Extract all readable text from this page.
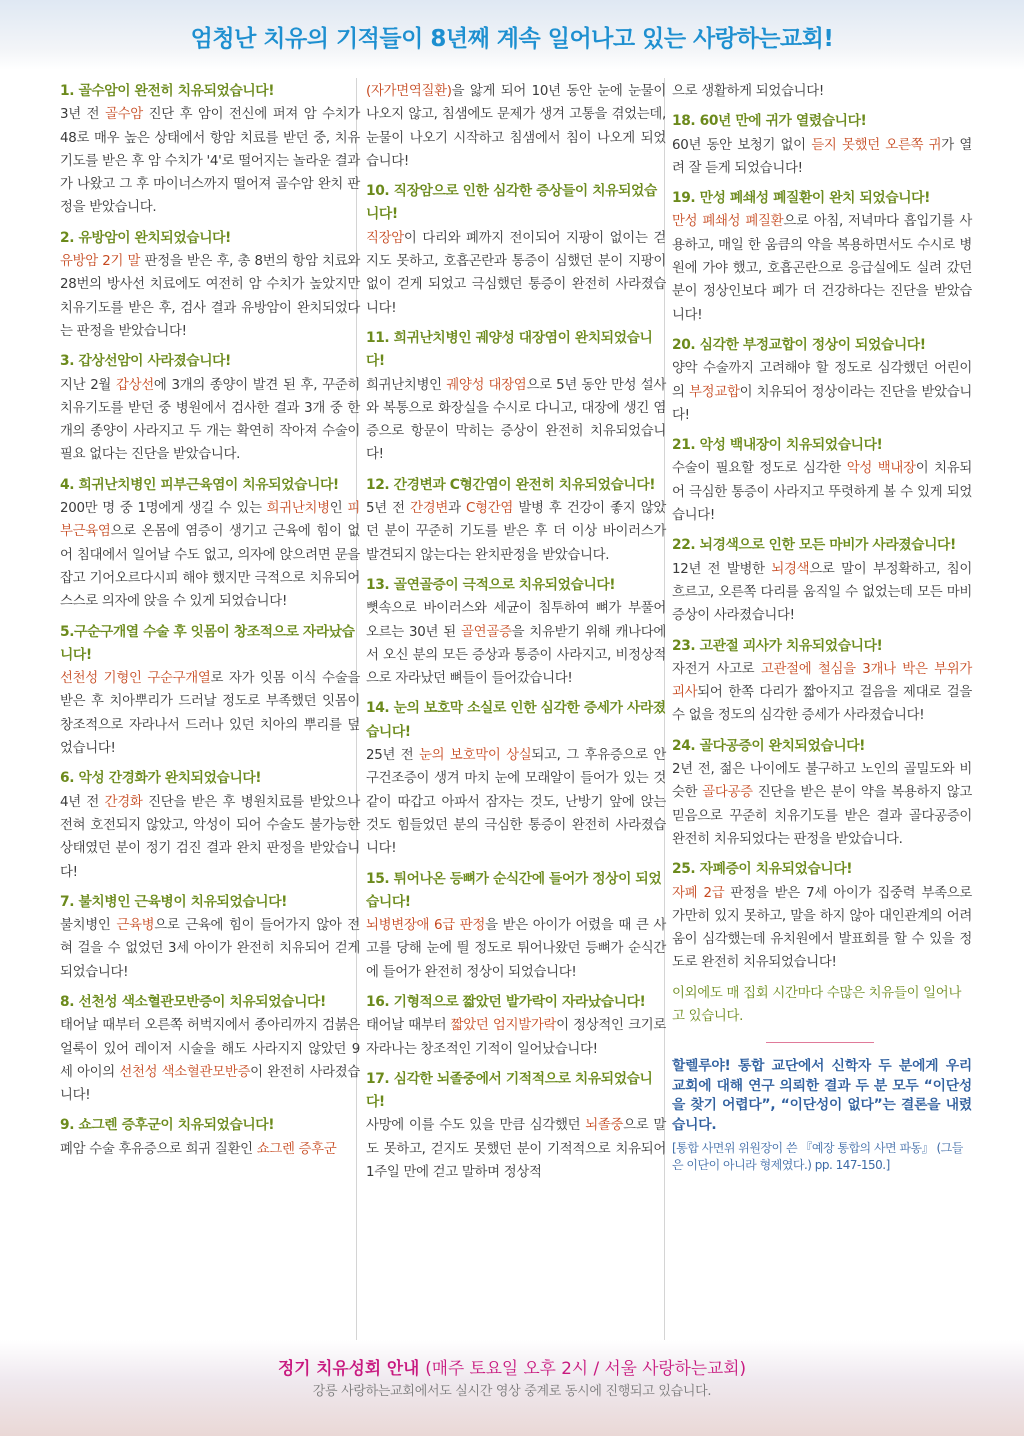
엄청난 치유의 기적들이 8년째 계속 일어나고 있는 사랑하는교회!
1. 골수암이 완전히 치유되었습니다!

3년 전 골수암 진단 후 암이 전신에 퍼져 암 수치가 48로 매우 높은 상태에서 항암 치료를 받던 중, 치유기도를 받은 후 암 수치가 '4'로 떨어지는 놀라운 결과가 나왔고 그 후 마이너스까지 떨어져 골수암 완치 판정을 받았습니다.

2. 유방암이 완치되었습니다!

유방암 2기 말 판정을 받은 후, 총 8번의 항암 치료와 28번의 방사선 치료에도 여전히 암 수치가 높았지만 치유기도를 받은 후, 검사 결과 유방암이 완치되었다는 판정을 받았습니다!

3. 갑상선암이 사라졌습니다!

지난 2월 갑상선에 3개의 종양이 발견 된 후, 꾸준히 치유기도를 받던 중 병원에서 검사한 결과 3개 중 한 개의 종양이 사라지고 두 개는 확연히 작아져 수술이 필요 없다는 진단을 받았습니다.

4. 희귀난치병인 피부근육염이 치유되었습니다!

200만 명 중 1명에게 생길 수 있는 희귀난치병인 피부근육염으로 온몸에 염증이 생기고 근육에 힘이 없어 침대에서 일어날 수도 없고, 의자에 앉으려면 문을 잡고 기어오르다시피 해야 했지만 극적으로 치유되어 스스로 의자에 앉을 수 있게 되었습니다!

5.구순구개열 수술 후 잇몸이 창조적으로 자라났습니다!

선천성 기형인 구순구개열로 자가 잇몸 이식 수술을 받은 후 치아뿌리가 드러날 정도로 부족했던 잇몸이 창조적으로 자라나서 드러나 있던 치아의 뿌리를 덮었습니다!

6. 악성 간경화가 완치되었습니다!

4년 전 간경화 진단을 받은 후 병원치료를 받았으나 전혀 호전되지 않았고, 악성이 되어 수술도 불가능한 상태였던 분이 정기 검진 결과 완치 판정을 받았습니다!

7. 불치병인 근육병이 치유되었습니다!

불치병인 근육병으로 근육에 힘이 들어가지 않아 전혀 걸을 수 없었던 3세 아이가 완전히 치유되어 걷게 되었습니다!

8. 선천성 색소혈관모반증이 치유되었습니다!

태어날 때부터 오른쪽 허벅지에서 종아리까지 검붉은 얼룩이 있어 레이저 시술을 해도 사라지지 않았던 9세 아이의 선천성 색소혈관모반증이 완전히 사라졌습니다!

9. 쇼그렌 증후군이 치유되었습니다!

폐암 수술 후유증으로 희귀 질환인 쇼그렌 증후군

(자가면역질환)을 앓게 되어 10년 동안 눈에 눈물이 나오지 않고, 침샘에도 문제가 생겨 고통을 겪었는데, 눈물이 나오기 시작하고 침샘에서 침이 나오게 되었습니다!

10. 직장암으로 인한 심각한 증상들이 치유되었습니다!

직장암이 다리와 폐까지 전이되어 지팡이 없이는 걷지도 못하고, 호흡곤란과 통증이 심했던 분이 지팡이 없이 걷게 되었고 극심했던 통증이 완전히 사라졌습니다!

11. 희귀난치병인 궤양성 대장염이 완치되었습니다!

희귀난치병인 궤양성 대장염으로 5년 동안 만성 설사와 복통으로 화장실을 수시로 다니고, 대장에 생긴 염증으로 항문이 막히는 증상이 완전히 치유되었습니다!

12. 간경변과 C형간염이 완전히 치유되었습니다!

5년 전 간경변과 C형간염 발병 후 건강이 좋지 않았던 분이 꾸준히 기도를 받은 후 더 이상 바이러스가 발견되지 않는다는 완치판정을 받았습니다.

13. 골연골증이 극적으로 치유되었습니다!

뼛속으로 바이러스와 세균이 침투하여 뼈가 부풀어 오르는 30년 된 골연골증을 치유받기 위해 캐나다에서 오신 분의 모든 증상과 통증이 사라지고, 비정상적으로 자라났던 뼈들이 들어갔습니다!

14. 눈의 보호막 소실로 인한 심각한 증세가 사라졌습니다!

25년 전 눈의 보호막이 상실되고, 그 후유증으로 안구건조증이 생겨 마치 눈에 모래알이 들어가 있는 것같이 따갑고 아파서 잠자는 것도, 난방기 앞에 앉는 것도 힘들었던 분의 극심한 통증이 완전히 사라졌습니다!

15. 튀어나온 등뼈가 순식간에 들어가 정상이 되었습니다!

뇌병변장애 6급 판정을 받은 아이가 어렸을 때 큰 사고를 당해 눈에 띌 정도로 튀어나왔던 등뼈가 순식간에 들어가 완전히 정상이 되었습니다!

16. 기형적으로 짧았던 발가락이 자라났습니다!

태어날 때부터 짧았던 엄지발가락이 정상적인 크기로 자라나는 창조적인 기적이 일어났습니다!

17. 심각한 뇌졸중에서 기적적으로 치유되었습니다!

사망에 이를 수도 있을 만큼 심각했던 뇌졸중으로 말도 못하고, 걷지도 못했던 분이 기적적으로 치유되어 1주일 만에 걷고 말하며 정상적

으로 생활하게 되었습니다!

18. 60년 만에 귀가 열렸습니다!

60년 동안 보청기 없이 듣지 못했던 오른쪽 귀가 열려 잘 듣게 되었습니다!

19. 만성 폐쇄성 폐질환이 완치 되었습니다!

만성 폐쇄성 폐질환으로 아침, 저녁마다 흡입기를 사용하고, 매일 한 움큼의 약을 복용하면서도 수시로 병원에 가야 했고, 호흡곤란으로 응급실에도 실려 갔던 분이 정상인보다 폐가 더 건강하다는 진단을 받았습니다!

20. 심각한 부정교합이 정상이 되었습니다!

양악 수술까지 고려해야 할 정도로 심각했던 어린이의 부정교합이 치유되어 정상이라는 진단을 받았습니다!

21. 악성 백내장이 치유되었습니다!

수술이 필요할 정도로 심각한 악성 백내장이 치유되어 극심한 통증이 사라지고 뚜렷하게 볼 수 있게 되었습니다!

22. 뇌경색으로 인한 모든 마비가 사라졌습니다!

12년 전 발병한 뇌경색으로 말이 부정확하고, 침이 흐르고, 오른쪽 다리를 움직일 수 없었는데 모든 마비증상이 사라졌습니다!

23. 고관절 괴사가 치유되었습니다!

자전거 사고로 고관절에 철심을 3개나 박은 부위가 괴사되어 한쪽 다리가 짧아지고 걸음을 제대로 걸을 수 없을 정도의 심각한 증세가 사라졌습니다!

24. 골다공증이 완치되었습니다!

2년 전, 젊은 나이에도 불구하고 노인의 골밀도와 비슷한 골다공증 진단을 받은 분이 약을 복용하지 않고 믿음으로 꾸준히 치유기도를 받은 결과 골다공증이 완전히 치유되었다는 판정을 받았습니다.

25. 자폐증이 치유되었습니다!

자폐 2급 판정을 받은 7세 아이가 집중력 부족으로 가만히 있지 못하고, 말을 하지 않아 대인관계의 어려움이 심각했는데 유치원에서 발표회를 할 수 있을 정도로 완전히 치유되었습니다!

이외에도 매 집회 시간마다 수많은 치유들이 일어나고 있습니다.

할렐루야! 통합 교단에서 신학자 두 분에게 우리 교회에 대해 연구 의뢰한 결과 두 분 모두 “이단성을 찾기 어렵다”, “이단성이 없다”는 결론을 내렸습니다.

[통합 사면위 위원장이 쓴 『예장 통합의 사면 파동』 (그들은 이단이 아니라 형제였다.) pp. 147-150.]

정기 치유성회 안내 (매주 토요일 오후 2시 / 서울 사랑하는교회)
강릉 사랑하는교회에서도 실시간 영상 중계로 동시에 진행되고 있습니다.
